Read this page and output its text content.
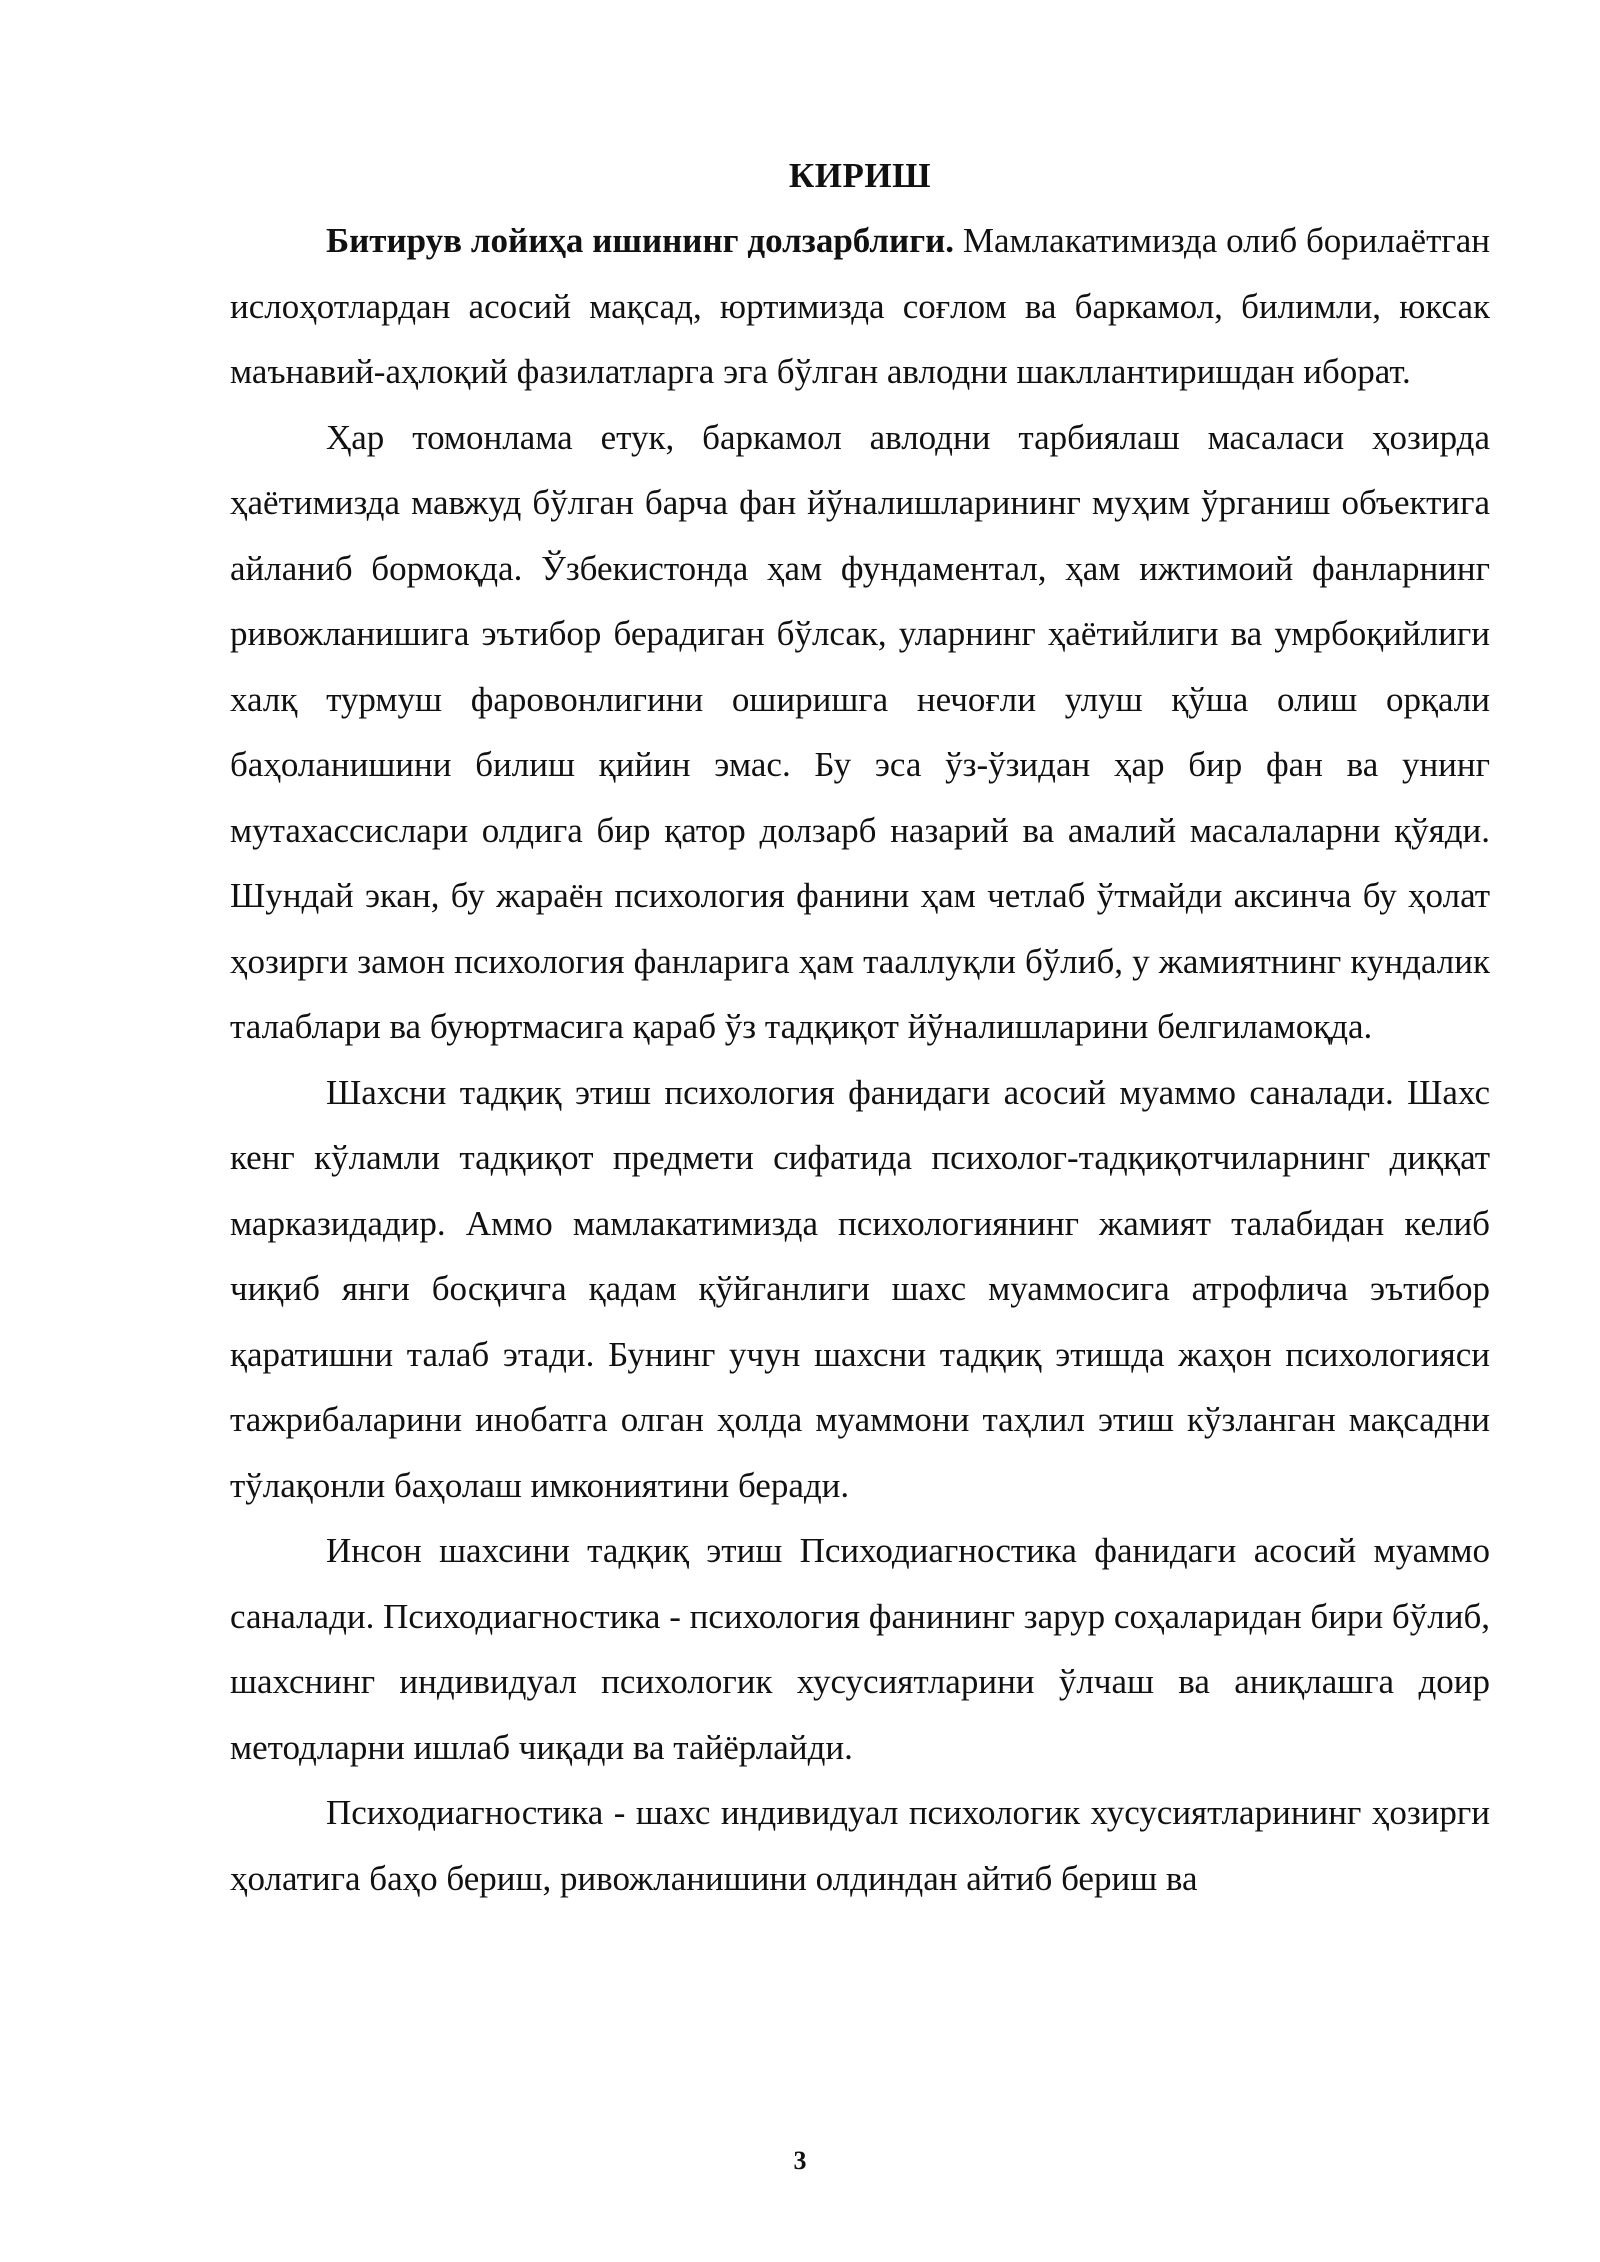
КИРИШ

Битирув лойиҳа ишининг долзарблиги. Мамлакатимизда олиб борилаётган ислоҳотлардан асосий мақсад, юртимизда соғлом ва баркамол, билимли, юксак маънавий-аҳлоқий фазилатларга эга бўлган авлодни шакллантиришдан иборат.

Ҳар томонлама етук, баркамол авлодни тарбиялаш масаласи ҳозирда ҳаётимизда мавжуд бўлган барча фан йўналишларининг муҳим ўрганиш объектига айланиб бормоқда. Ўзбекистонда ҳам фундаментал, ҳам ижтимоий фанларнинг ривожланишига эътибор берадиган бўлсак, уларнинг ҳаётийлиги ва умрбоқийлиги халқ турмуш фаровонлигини оширишга нечоғли улуш қўша олиш орқали баҳоланишини билиш қийин эмас. Бу эса ўз-ўзидан ҳар бир фан ва унинг мутахассислари олдига бир қатор долзарб назарий ва амалий масалаларни қўяди. Шундай экан, бу жараён психология фанини ҳам четлаб ўтмайди аксинча бу ҳолат ҳозирги замон психология фанларига ҳам тааллуқли бўлиб, у жамиятнинг кундалик талаблари ва буюртмасига қараб ўз тадқиқот йўналишларини белгиламоқда.

Шахсни тадқиқ этиш психология фанидаги асосий муаммо саналади. Шахс кенг кўламли тадқиқот предмети сифатида психолог-тадқиқотчиларнинг диққат марказидадир. Аммо мамлакатимизда психологиянинг жамият талабидан келиб чиқиб янги босқичга қадам қўйганлиги шахс муаммосига атрофлича эътибор қаратишни талаб этади. Бунинг учун шахсни тадқиқ этишда жаҳон психологияси тажрибаларини инобатга олган ҳолда муаммони таҳлил этиш кўзланган мақсадни тўлақонли баҳолаш имкониятини беради.

Инсон шахсини тадқиқ этиш Психодиагностика фанидаги асосий муаммо саналади. Психодиагностика - психология фанининг зарур соҳаларидан бири бўлиб, шахснинг индивидуал психологик хусусиятларини ўлчаш ва аниқлашга доир методларни ишлаб чиқади ва тайёрлайди.

Психодиагностика - шахс индивидуал психологик хусусиятларининг ҳозирги ҳолатига баҳо бериш, ривожланишини олдиндан айтиб бериш ва

3
